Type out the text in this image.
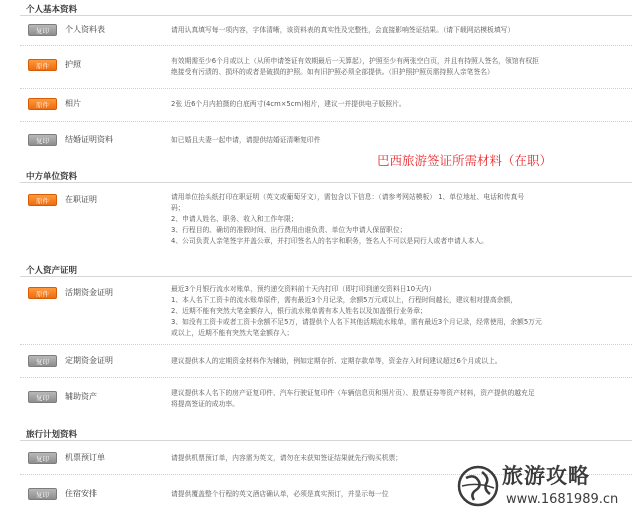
个人基本资料
复印	个人资料表	请用认真填写每一项内容，字体清晰，该资料表的真实性及完整性，会直接影响签证结果。（请下载网站模板填写）
原件	护照	有效期需至少6个月或以上（从所申请签证有效期最后一天算起），护照至少有两张空白页，并且有持照人签名，领馆有权拒
绝接受有污渍的、损坏的或者是破损的护照。如有旧护照必须全部提供。（旧护照护照页需持照人亲笔签名）
原件	相片	2张 近6个月内拍摄的白底两寸(4cm×5cm)相片，建议一并提供电子版照片。
复印	结婚证明资料	如已婚且夫妻一起申请，请提供结婚证清晰复印件
巴西旅游签证所需材料（在职）
中方单位资料
原件	在职证明	请用单位抬头纸打印在职证明（英文或葡萄牙文），需包含以下信息：（请参考网站模板） 1、单位地址、电话和传真号
码；
2、申请人姓名、职务、收入和工作年限；
3、行程目的、确切的准假时间、出行费用由谁负责、单位为申请人保留职位；
4、公司负责人亲笔签字并盖公章，并打印签名人的名字和职务，签名人不可以是同行人或者申请人本人。
个人资产证明
原件	活期资金证明	最近3个月银行流水对账单，预约递交资料前十天内打印（即打印到递交资料日10天内）
1、本人名下工资卡的流水账单原件，需有最近3个月记录，余额5万元或以上，行程时间越长，建议相对提高余额，
2、近期不能有突然大笔金额存入，银行流水账单需有本人姓名以及加盖银行业务章；
3、如没有工资卡或者工资卡余额不足5万，请提供个人名下其他活期流水账单，需有最近3个月记录，经常使用，余额5万元
或以上，近期不能有突然大笔金额存入；
复印	定期资金证明	建议提供本人的定期资金材料作为辅助，例如定期存折、定期存款单等，资金存入时间建议超过6个月或以上。
复印	辅助资产	建议提供本人名下的房产证复印件、汽车行驶证复印件（车辆信息页和照片页）、股票证券等资产材料，资产提供的越充足
将提高签证的成功率。
旅行计划资料
复印	机票预订单	请提供机票预订单，内容需为英文，请勿在未获知签证结果就先行购买机票；
复印	住宿安排	请提供覆盖整个行程的英文酒店确认单，必须是真实预订，并显示每一位
旅游攻略
www.1681989.cn
